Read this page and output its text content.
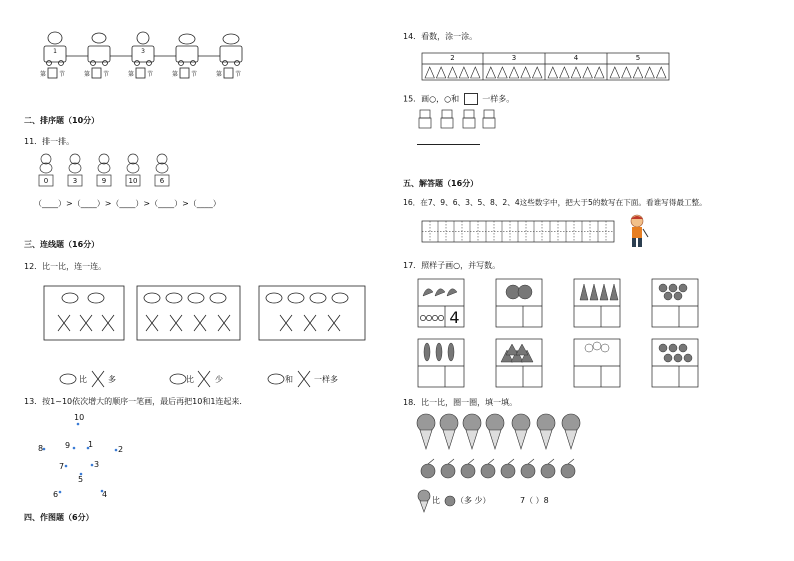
1	3
第 节	第 节	第 节	第 节	第 节
二、排序题（10分）
11．排一排。
0	3	9	10	6
（____）>（____）>（____）>（____）>（____）
三、连线题（16分）
12．比一比，连一连。
比	多	比	少	和	一样多
13．按1~10依次增大的顺序一笔画，最后再把10和1连起来．
10
8	9 1
2
7	3
5
6	4
四、作图题（6分）
14．看数，涂一涂。
2	3	4	5
15．画○，○和	一样多。
五、解答题（16分）
16．在7、9、6、3、5、8、2、4这些数字中，把大于5的数写在下面。看谁写得最工整。
17．照样子画○，并写数。
4
18．比一比，圈一圈，填一填。
比 （多 少）	7（ ）8
